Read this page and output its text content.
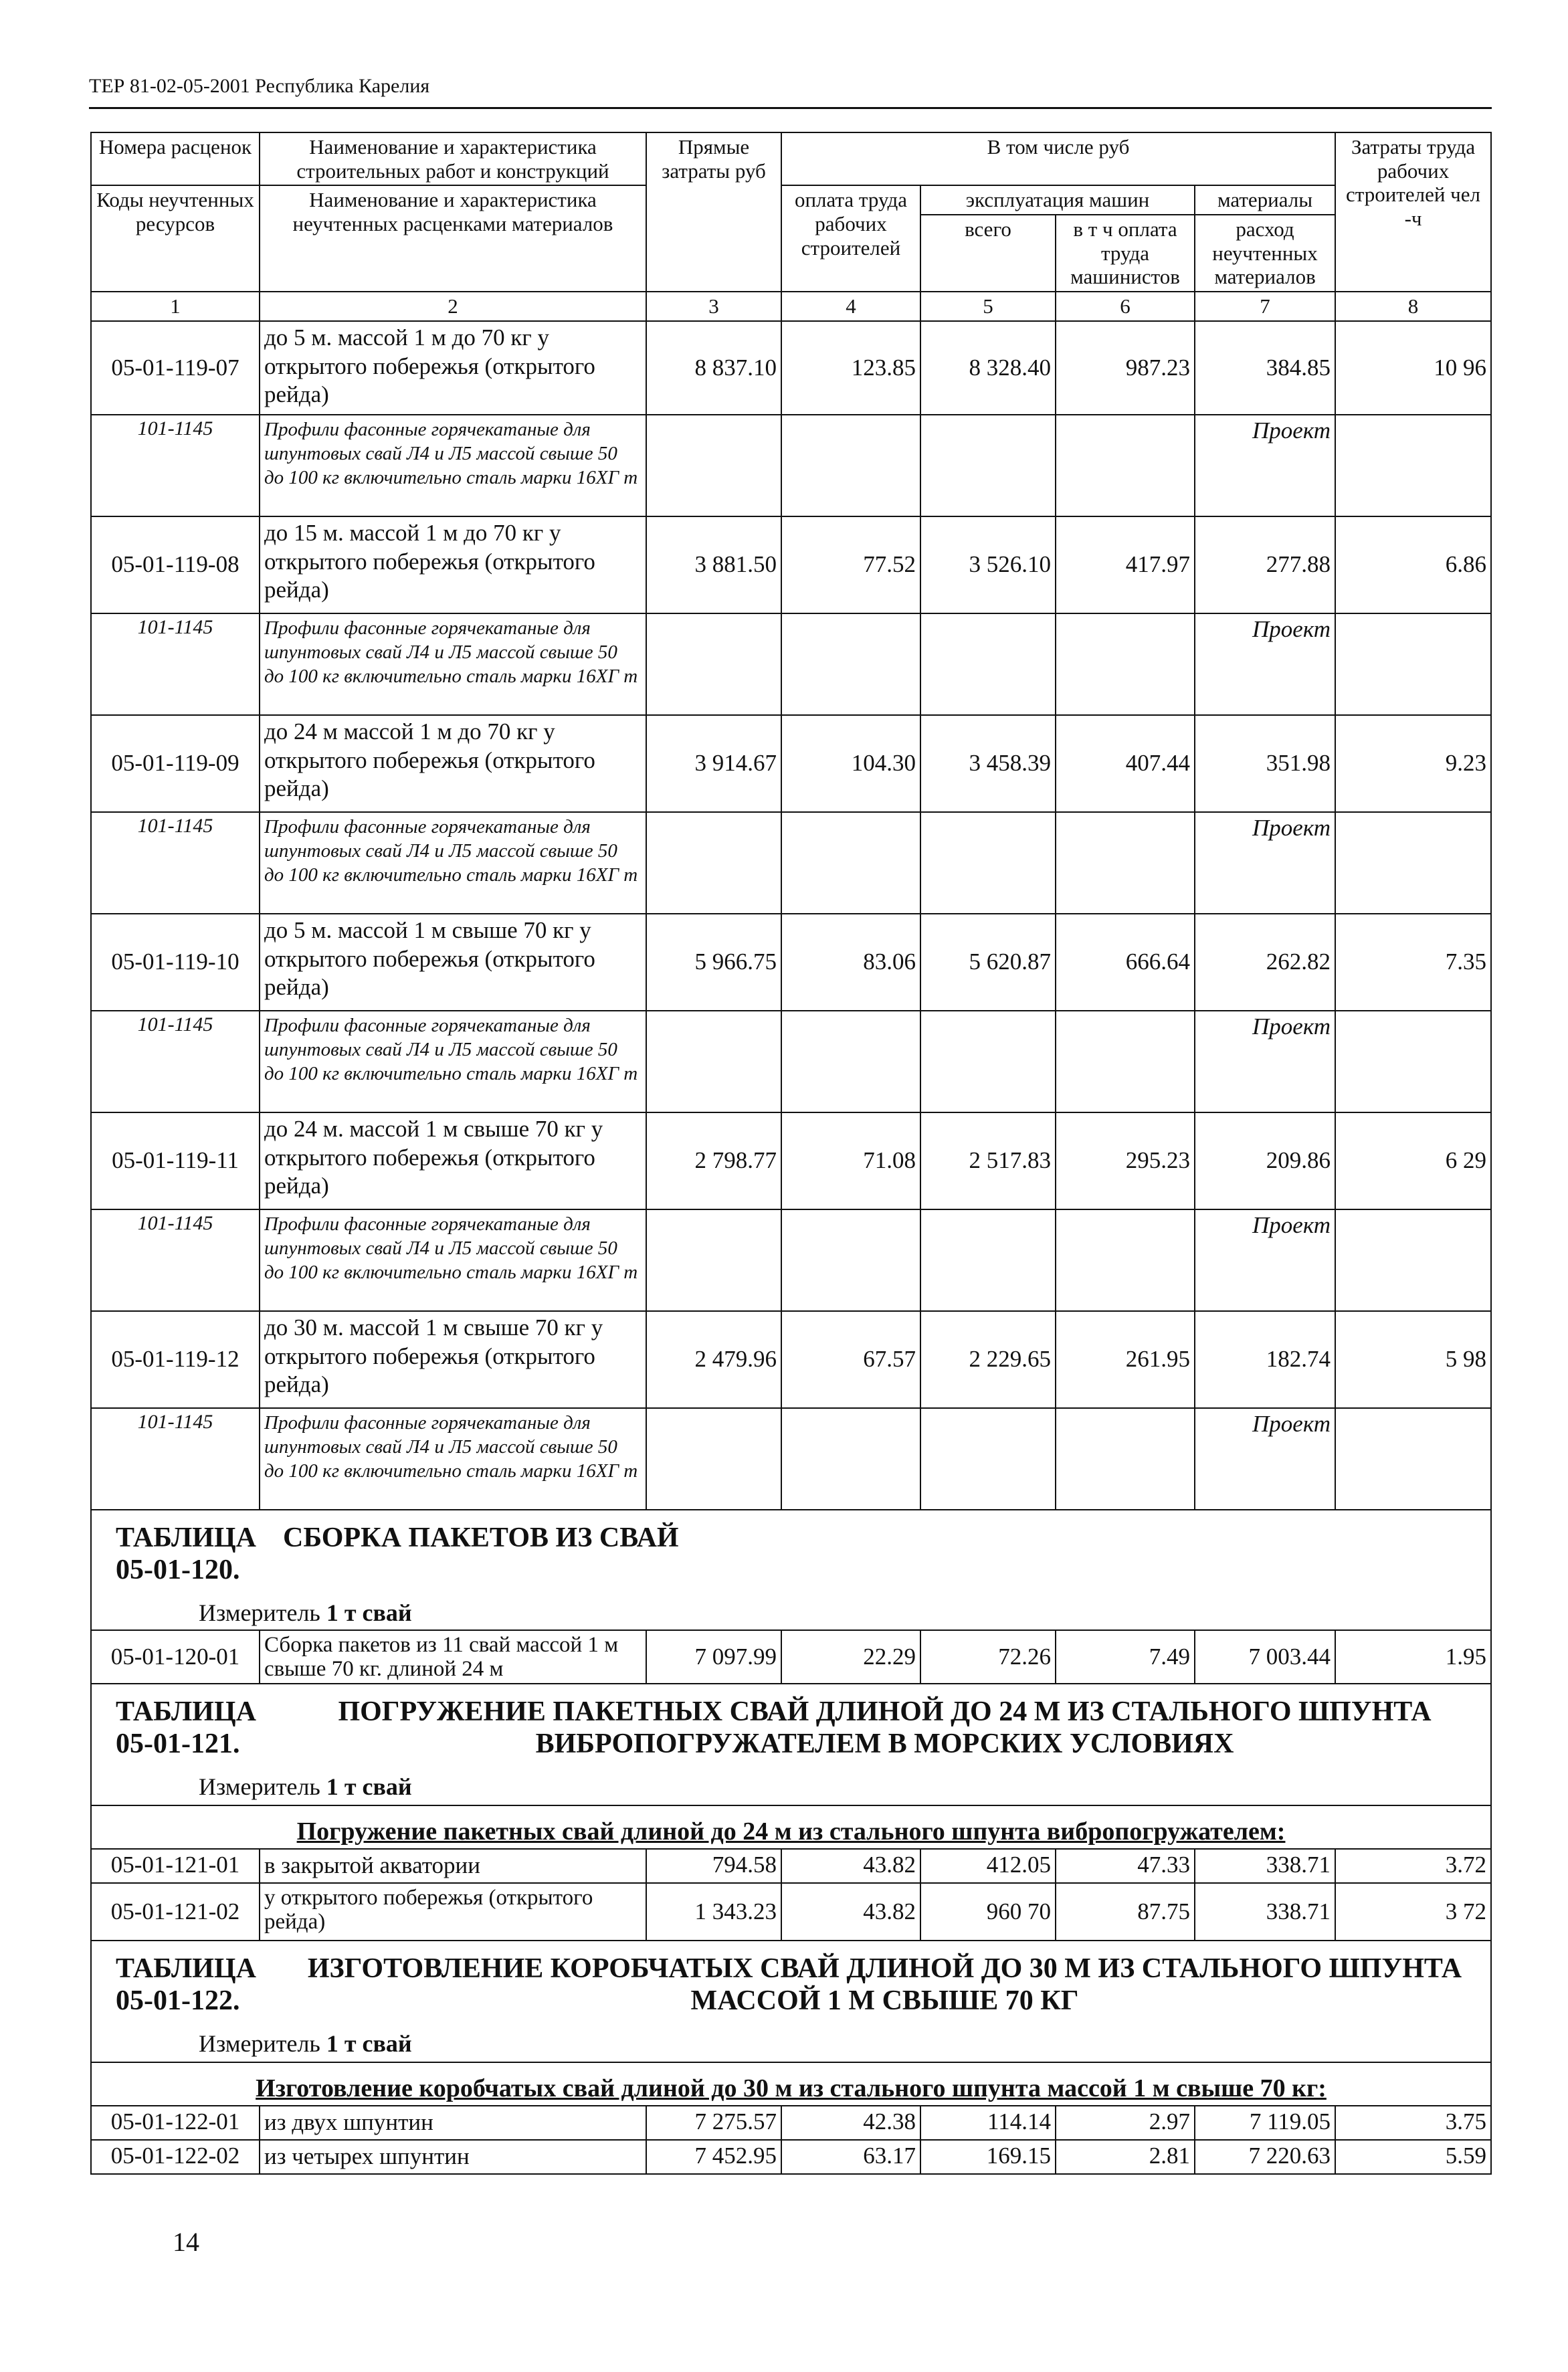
ТЕР 81-02-05-2001 Республика Карелия
Номера расценок	Наименование и характеристика строительных работ и конструкций	Прямые затраты руб	В том числе руб				Затраты труда рабочих строителей чел -ч
Коды неучтенных ресурсов	Наименование и характеристика неучтенных расценками материалов		оплата труда рабочих строителей	эксплуатация машин		материалы	
				всего	в т ч оплата труда машинистов	расход неучтенных материалов	

1	2	3	4	5	6	7	8
05-01-119-07	до 5 м. массой 1 м до 70 кг у открытого побережья (открытого рейда)	8 837.10	123.85	8 328.40	987.23	384.85	10 96
101-1145	Профили фасонные горячекатаные для шпунтовых свай Л4 и Л5 массой свыше 50 до 100 кг включительно сталь марки 16ХГ т					Проект	
05-01-119-08	до 15 м. массой 1 м до 70 кг у открытого побережья (открытого рейда)	3 881.50	77.52	3 526.10	417.97	277.88	6.86
101-1145	Профили фасонные горячекатаные для шпунтовых свай Л4 и Л5 массой свыше 50 до 100 кг включительно сталь марки 16ХГ т					Проект	
05-01-119-09	до 24 м массой 1 м до 70 кг у открытого побережья (открытого рейда)	3 914.67	104.30	3 458.39	407.44	351.98	9.23
101-1145	Профили фасонные горячекатаные для шпунтовых свай Л4 и Л5 массой свыше 50 до 100 кг включительно сталь марки 16ХГ т					Проект	
05-01-119-10	до 5 м. массой 1 м свыше 70 кг у открытого побережья (открытого рейда)	5 966.75	83.06	5 620.87	666.64	262.82	7.35
101-1145	Профили фасонные горячекатаные для шпунтовых свай Л4 и Л5 массой свыше 50 до 100 кг включительно сталь марки 16ХГ т					Проект	
05-01-119-11	до 24 м. массой 1 м свыше 70 кг у открытого побережья (открытого рейда)	2 798.77	71.08	2 517.83	295.23	209.86	6 29
101-1145	Профили фасонные горячекатаные для шпунтовых свай Л4 и Л5 массой свыше 50 до 100 кг включительно сталь марки 16ХГ т					Проект	
05-01-119-12	до 30 м. массой 1 м свыше 70 кг у открытого побережья (открытого рейда)	2 479.96	67.57	2 229.65	261.95	182.74	5 98
101-1145	Профили фасонные горячекатаные для шпунтовых свай Л4 и Л5 массой свыше 50 до 100 кг включительно сталь марки 16ХГ т					Проект	

ТАБЛИЦА 05-01-120.
СБОРКА ПАКЕТОВ ИЗ СВАЙ							

Измеритель 1 т свай							
05-01-120-01	Сборка пакетов из 11 свай массой 1 м свыше 70 кг. длиной 24 м	7 097.99	22.29	72.26	7.49	7 003.44	1.95

ТАБЛИЦА 05-01-121.
ПОГРУЖЕНИЕ ПАКЕТНЫХ СВАЙ ДЛИНОЙ ДО 24 М ИЗ СТАЛЬНОГО ШПУНТА ВИБРОПОГРУЖАТЕЛЕМ В МОРСКИХ УСЛОВИЯХ							

Измеритель 1 т свай							
Погружение пакетных свай длиной до 24 м из стального шпунта вибропогружателем:							
05-01-121-01	в закрытой акватории	794.58	43.82	412.05	47.33	338.71	3.72
05-01-121-02	у открытого побережья (открытого рейда)	1 343.23	43.82	960 70	87.75	338.71	3 72

ТАБЛИЦА 05-01-122.
ИЗГОТОВЛЕНИЕ КОРОБЧАТЫХ СВАЙ ДЛИНОЙ ДО 30 М ИЗ СТАЛЬНОГО ШПУНТА МАССОЙ 1 М СВЫШЕ 70 КГ							

Измеритель 1 т свай							
Изготовление коробчатых свай длиной до 30 м из стального шпунта массой 1 м свыше 70 кг:							
05-01-122-01	из двух шпунтин	7 275.57	42.38	114.14	2.97	7 119.05	3.75
05-01-122-02	из четырех шпунтин	7 452.95	63.17	169.15	2.81	7 220.63	5.59
14
